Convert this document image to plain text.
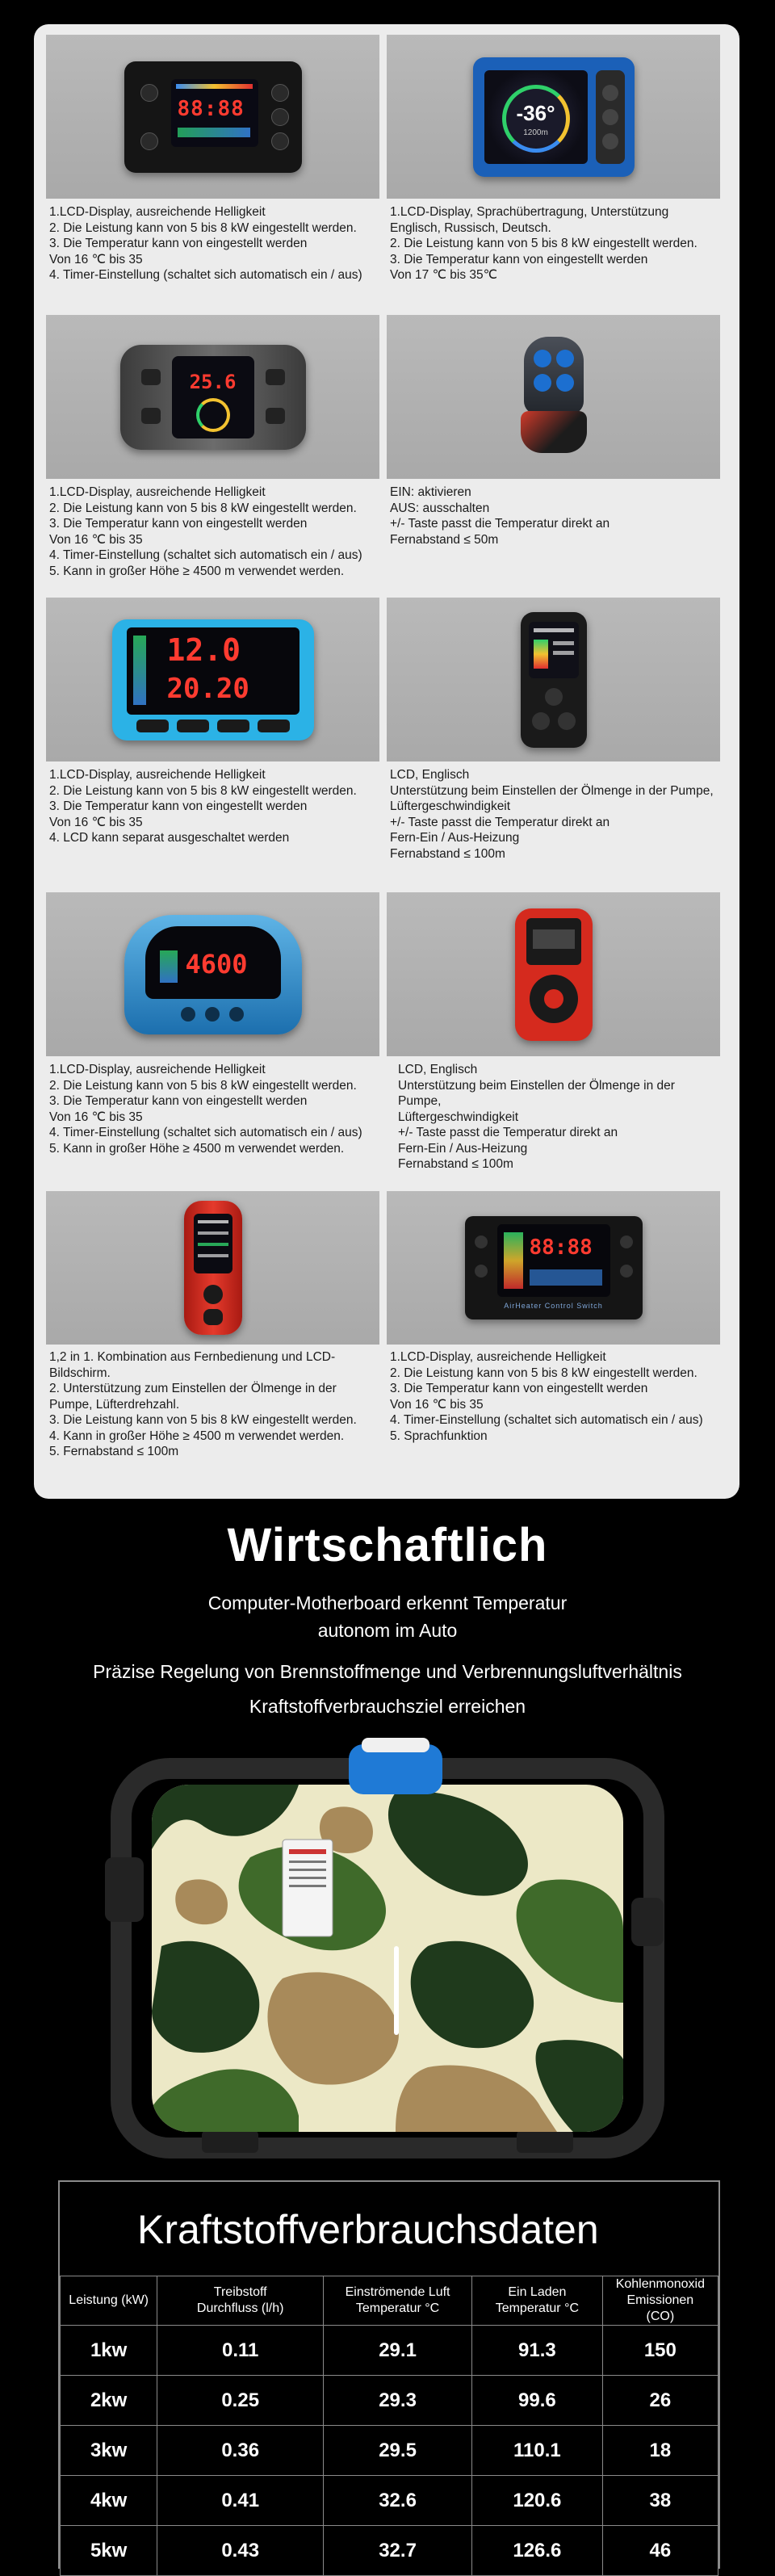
88:88
1.LCD-Display, ausreichende Helligkeit
2. Die Leistung kann von 5 bis 8 kW eingestellt werden.
3. Die Temperatur kann von eingestellt werden
Von 16 ℃ bis 35
4. Timer-Einstellung (schaltet sich automatisch ein / aus)
-36°
1200m
1.LCD-Display, Sprachübertragung, Unterstützung Englisch, Russisch, Deutsch.
2. Die Leistung kann von 5 bis 8 kW eingestellt werden.
3. Die Temperatur kann von eingestellt werden
Von 17 ℃ bis 35℃
25.6
1.LCD-Display, ausreichende Helligkeit
2. Die Leistung kann von 5 bis 8 kW eingestellt werden.
3. Die Temperatur kann von eingestellt werden
Von 16 ℃ bis 35
4. Timer-Einstellung (schaltet sich automatisch ein / aus)
5. Kann in großer Höhe ≥ 4500 m verwendet werden.
EIN: aktivieren
AUS: ausschalten
+/- Taste passt die Temperatur direkt an
Fernabstand ≤ 50m
12.0
20.20
1.LCD-Display, ausreichende Helligkeit
2. Die Leistung kann von 5 bis 8 kW eingestellt werden.
3. Die Temperatur kann von eingestellt werden
Von 16 ℃ bis 35
4. LCD kann separat ausgeschaltet werden
LCD, Englisch
Unterstützung beim Einstellen der Ölmenge in der Pumpe,
Lüftergeschwindigkeit
+/- Taste passt die Temperatur direkt an
Fern-Ein / Aus-Heizung
Fernabstand ≤ 100m
4600
1.LCD-Display, ausreichende Helligkeit
2. Die Leistung kann von 5 bis 8 kW eingestellt werden.
3. Die Temperatur kann von eingestellt werden
Von 16 ℃ bis 35
4. Timer-Einstellung (schaltet sich automatisch ein / aus)
5. Kann in großer Höhe ≥ 4500 m verwendet werden.
LCD, Englisch
Unterstützung beim Einstellen der Ölmenge in der Pumpe,
Lüftergeschwindigkeit
+/- Taste passt die Temperatur direkt an
Fern-Ein / Aus-Heizung
Fernabstand ≤ 100m
1,2 in 1. Kombination aus Fernbedienung und LCD-Bildschirm.
2. Unterstützung zum Einstellen der Ölmenge in der Pumpe, Lüfterdrehzahl.
3. Die Leistung kann von 5 bis 8 kW eingestellt werden.
4. Kann in großer Höhe ≥ 4500 m verwendet werden.
5. Fernabstand ≤ 100m
88:88
AirHeater Control Switch
1.LCD-Display, ausreichende Helligkeit
2. Die Leistung kann von 5 bis 8 kW eingestellt werden.
3. Die Temperatur kann von eingestellt werden
Von 16 ℃ bis 35
4. Timer-Einstellung (schaltet sich automatisch ein / aus)
5. Sprachfunktion
Wirtschaftlich
Computer-Motherboard erkennt Temperatur
autonom im Auto
Präzise Regelung von Brennstoffmenge und Verbrennungsluftverhältnis
Kraftstoffverbrauchsziel erreichen
Kraftstoffverbrauchsdaten
Leistung (kW)	Treibstoff Durchfluss (l/h)	Einströmende Luft Temperatur °C	Ein Laden Temperatur °C	Kohlenmonoxid Emissionen (CO)
1kw	0.11	29.1	91.3	150
2kw	0.25	29.3	99.6	26
3kw	0.36	29.5	110.1	18
4kw	0.41	32.6	120.6	38
5kw	0.43	32.7	126.6	46
